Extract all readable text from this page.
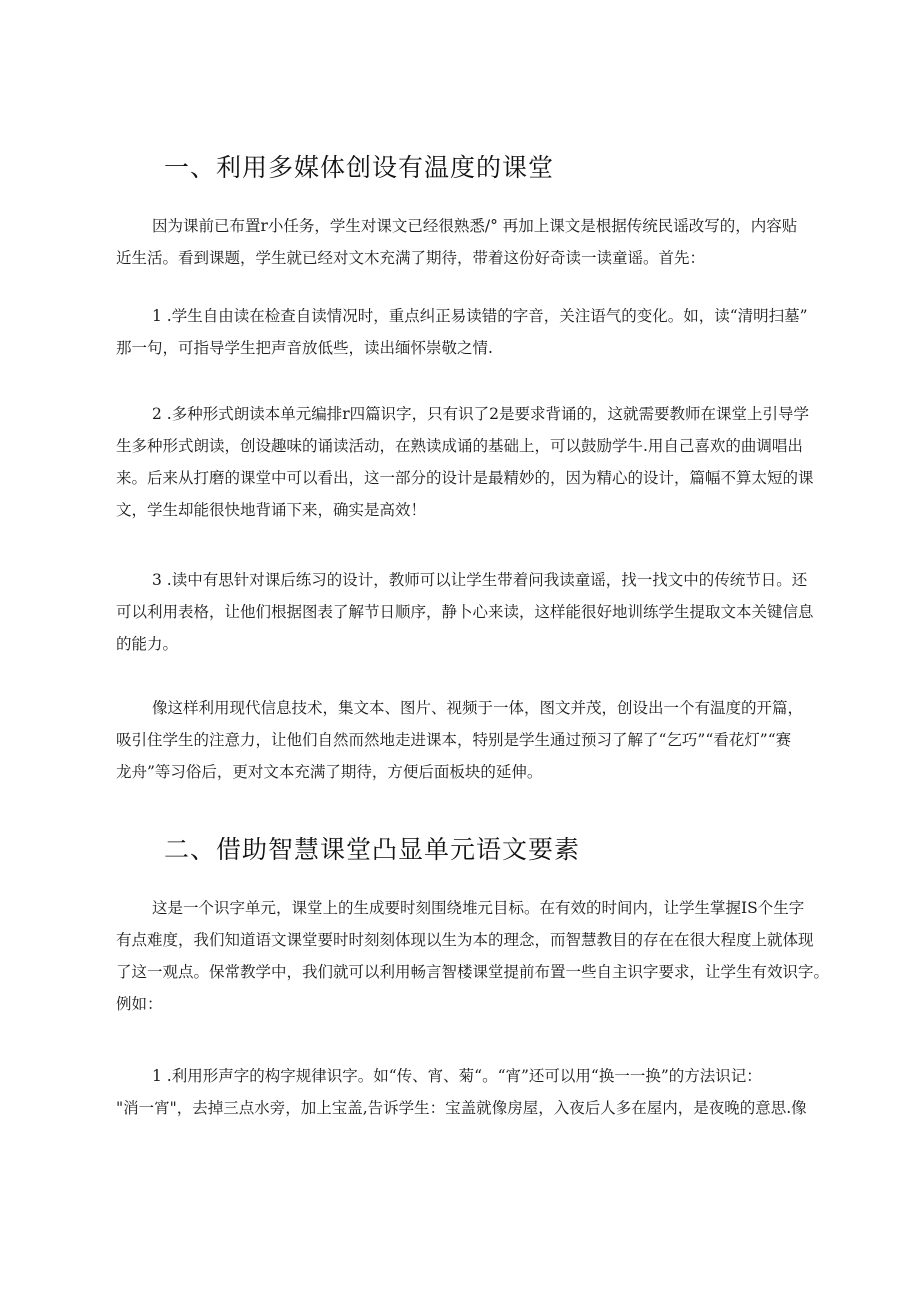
一、利用多媒体创设有温度的课堂

因为课前已布置r小任务，学生对课文已经很熟悉/° 再加上课文是根据传统民谣改写的，内容贴
近生活。看到课题，学生就已经对文木充满了期待，带着这份好奇读一读童谣。首先：

1 .学生自由读在检查自读情况时，重点纠正易读错的字音，关注语气的变化。如，读“清明扫墓”
那一句，可指导学生把声音放低些，读出缅怀崇敬之情.

2 .多种形式朗读本单元编排r四篇识字，只有识了2是要求背诵的，这就需要教师在课堂上引导学
生多种形式朗读，创设趣味的诵读活动，在熟读成诵的基础上，可以鼓励学牛.用自己喜欢的曲调唱出
来。后来从打磨的课堂中可以看出，这一部分的设计是最精妙的，因为精心的设计，篇幅不算太短的课
文，学生却能很快地背诵下来，确实是高效！

3 .读中有思针对课后练习的设计，教师可以让学生带着问我读童谣，找一找文中的传统节日。还
可以利用表格，让他们根据图表了解节日顺序，静卜心来读，这样能很好地训练学生提取文本关键信息
的能力。

像这样利用现代信息技术，集文本、图片、视频于一体，图文并茂，创设出一个有温度的开篇，
吸引住学生的注意力，让他们自然而然地走进课本，特别是学生通过预习了解了“乞巧”“看花灯”“赛
龙舟”等习俗后，更对文本充满了期待，方便后面板块的延伸。

二、借助智慧课堂凸显单元语文要素

这是一个识字单元，课堂上的生成要时刻围绕堆元目标。在有效的时间内，让学生掌握IS个生字
有点难度，我们知道语文课堂要时时刻刻体现以生为本的理念，而智慧教目的存在在很大程度上就体现
了这一观点。保常教学中，我们就可以利用畅言智楼课堂提前布置一些自主识字要求，让学生有效识字。
例如：

1 .利用形声字的构字规律识字。如“传、宵、菊“。“宵”还可以用“换一一换”的方法识记：
"消一宵"，去掉三点水旁，加上宝盖,告诉学生：宝盖就像房屋，入夜后人多在屋内，是夜晚的意思.像
